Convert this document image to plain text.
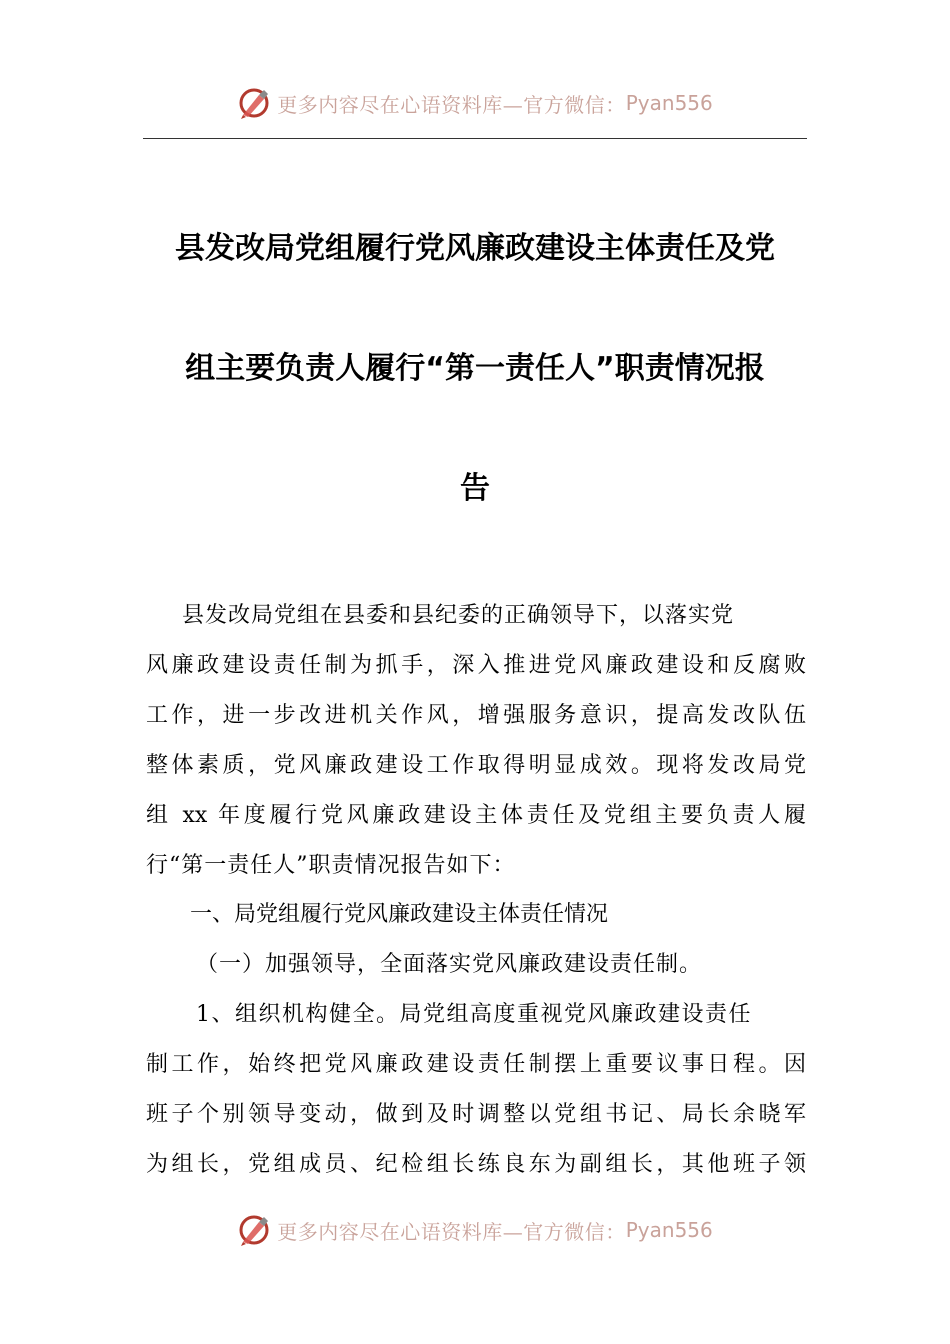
更多内容尽在心语资料库—官方微信： Pyan556
县发改局党组履行党风廉政建设主体责任及党
组主要负责人履行“第一责任人”职责情况报
告
县发改局党组在县委和县纪委的正确领导下，以落实党
风廉政建设责任制为抓手，深入推进党风廉政建设和反腐败
工作，进一步改进机关作风，增强服务意识，提高发改队伍
整体素质，党风廉政建设工作取得明显成效。现将发改局党
组 xx 年度履行党风廉政建设主体责任及党组主要负责人履
行“第一责任人”职责情况报告如下：
一、局党组履行党风廉政建设主体责任情况
（一）加强领导，全面落实党风廉政建设责任制。
1、组织机构健全。局党组高度重视党风廉政建设责任
制工作，始终把党风廉政建设责任制摆上重要议事日程。因
班子个别领导变动，做到及时调整以党组书记、局长余晓军
为组长，党组成员、纪检组长练良东为副组长，其他班子领
更多内容尽在心语资料库—官方微信： Pyan556
